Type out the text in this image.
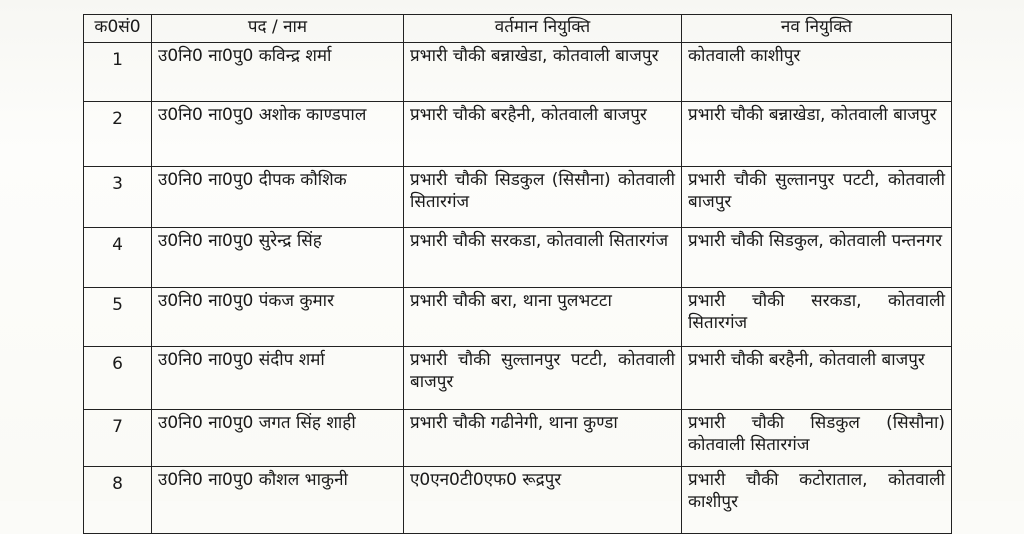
क0सं0	पद / नाम	वर्तमान नियुक्ति	नव नियुक्ति
1	उ0नि0 ना0पु0 कविन्द्र शर्मा	प्रभारी चौकी बन्नाखेडा, कोतवाली बाजपुर	कोतवाली काशीपुर
2	उ0नि0 ना0पु0 अशोक काण्डपाल	प्रभारी चौकी बरहैनी, कोतवाली बाजपुर	प्रभारी चौकी बन्नाखेडा, कोतवाली बाजपुर
3	उ0नि0 ना0पु0 दीपक कौशिक	प्रभारी चौकी सिडकुल (सिसौना) कोतवाली सितारगंज	प्रभारी चौकी सुल्तानपुर पटटी, कोतवाली बाजपुर
4	उ0नि0 ना0पु0 सुरेन्द्र सिंह	प्रभारी चौकी सरकडा, कोतवाली सितारगंज	प्रभारी चौकी सिडकुल, कोतवाली पन्तनगर
5	उ0नि0 ना0पु0 पंकज कुमार	प्रभारी चौकी बरा, थाना पुलभटटा	प्रभारी चौकी सरकडा, कोतवाली सितारगंज
6	उ0नि0 ना0पु0 संदीप शर्मा	प्रभारी चौकी सुल्तानपुर पटटी, कोतवाली बाजपुर	प्रभारी चौकी बरहैनी, कोतवाली बाजपुर
7	उ0नि0 ना0पु0 जगत सिंह शाही	प्रभारी चौकी गढीनेगी, थाना कुण्डा	प्रभारी चौकी सिडकुल (सिसौना) कोतवाली सितारगंज
8	उ0नि0 ना0पु0 कौशल भाकुनी	ए0एन0टी0एफ0 रूद्रपुर	प्रभारी चौकी कटोराताल, कोतवाली काशीपुर
